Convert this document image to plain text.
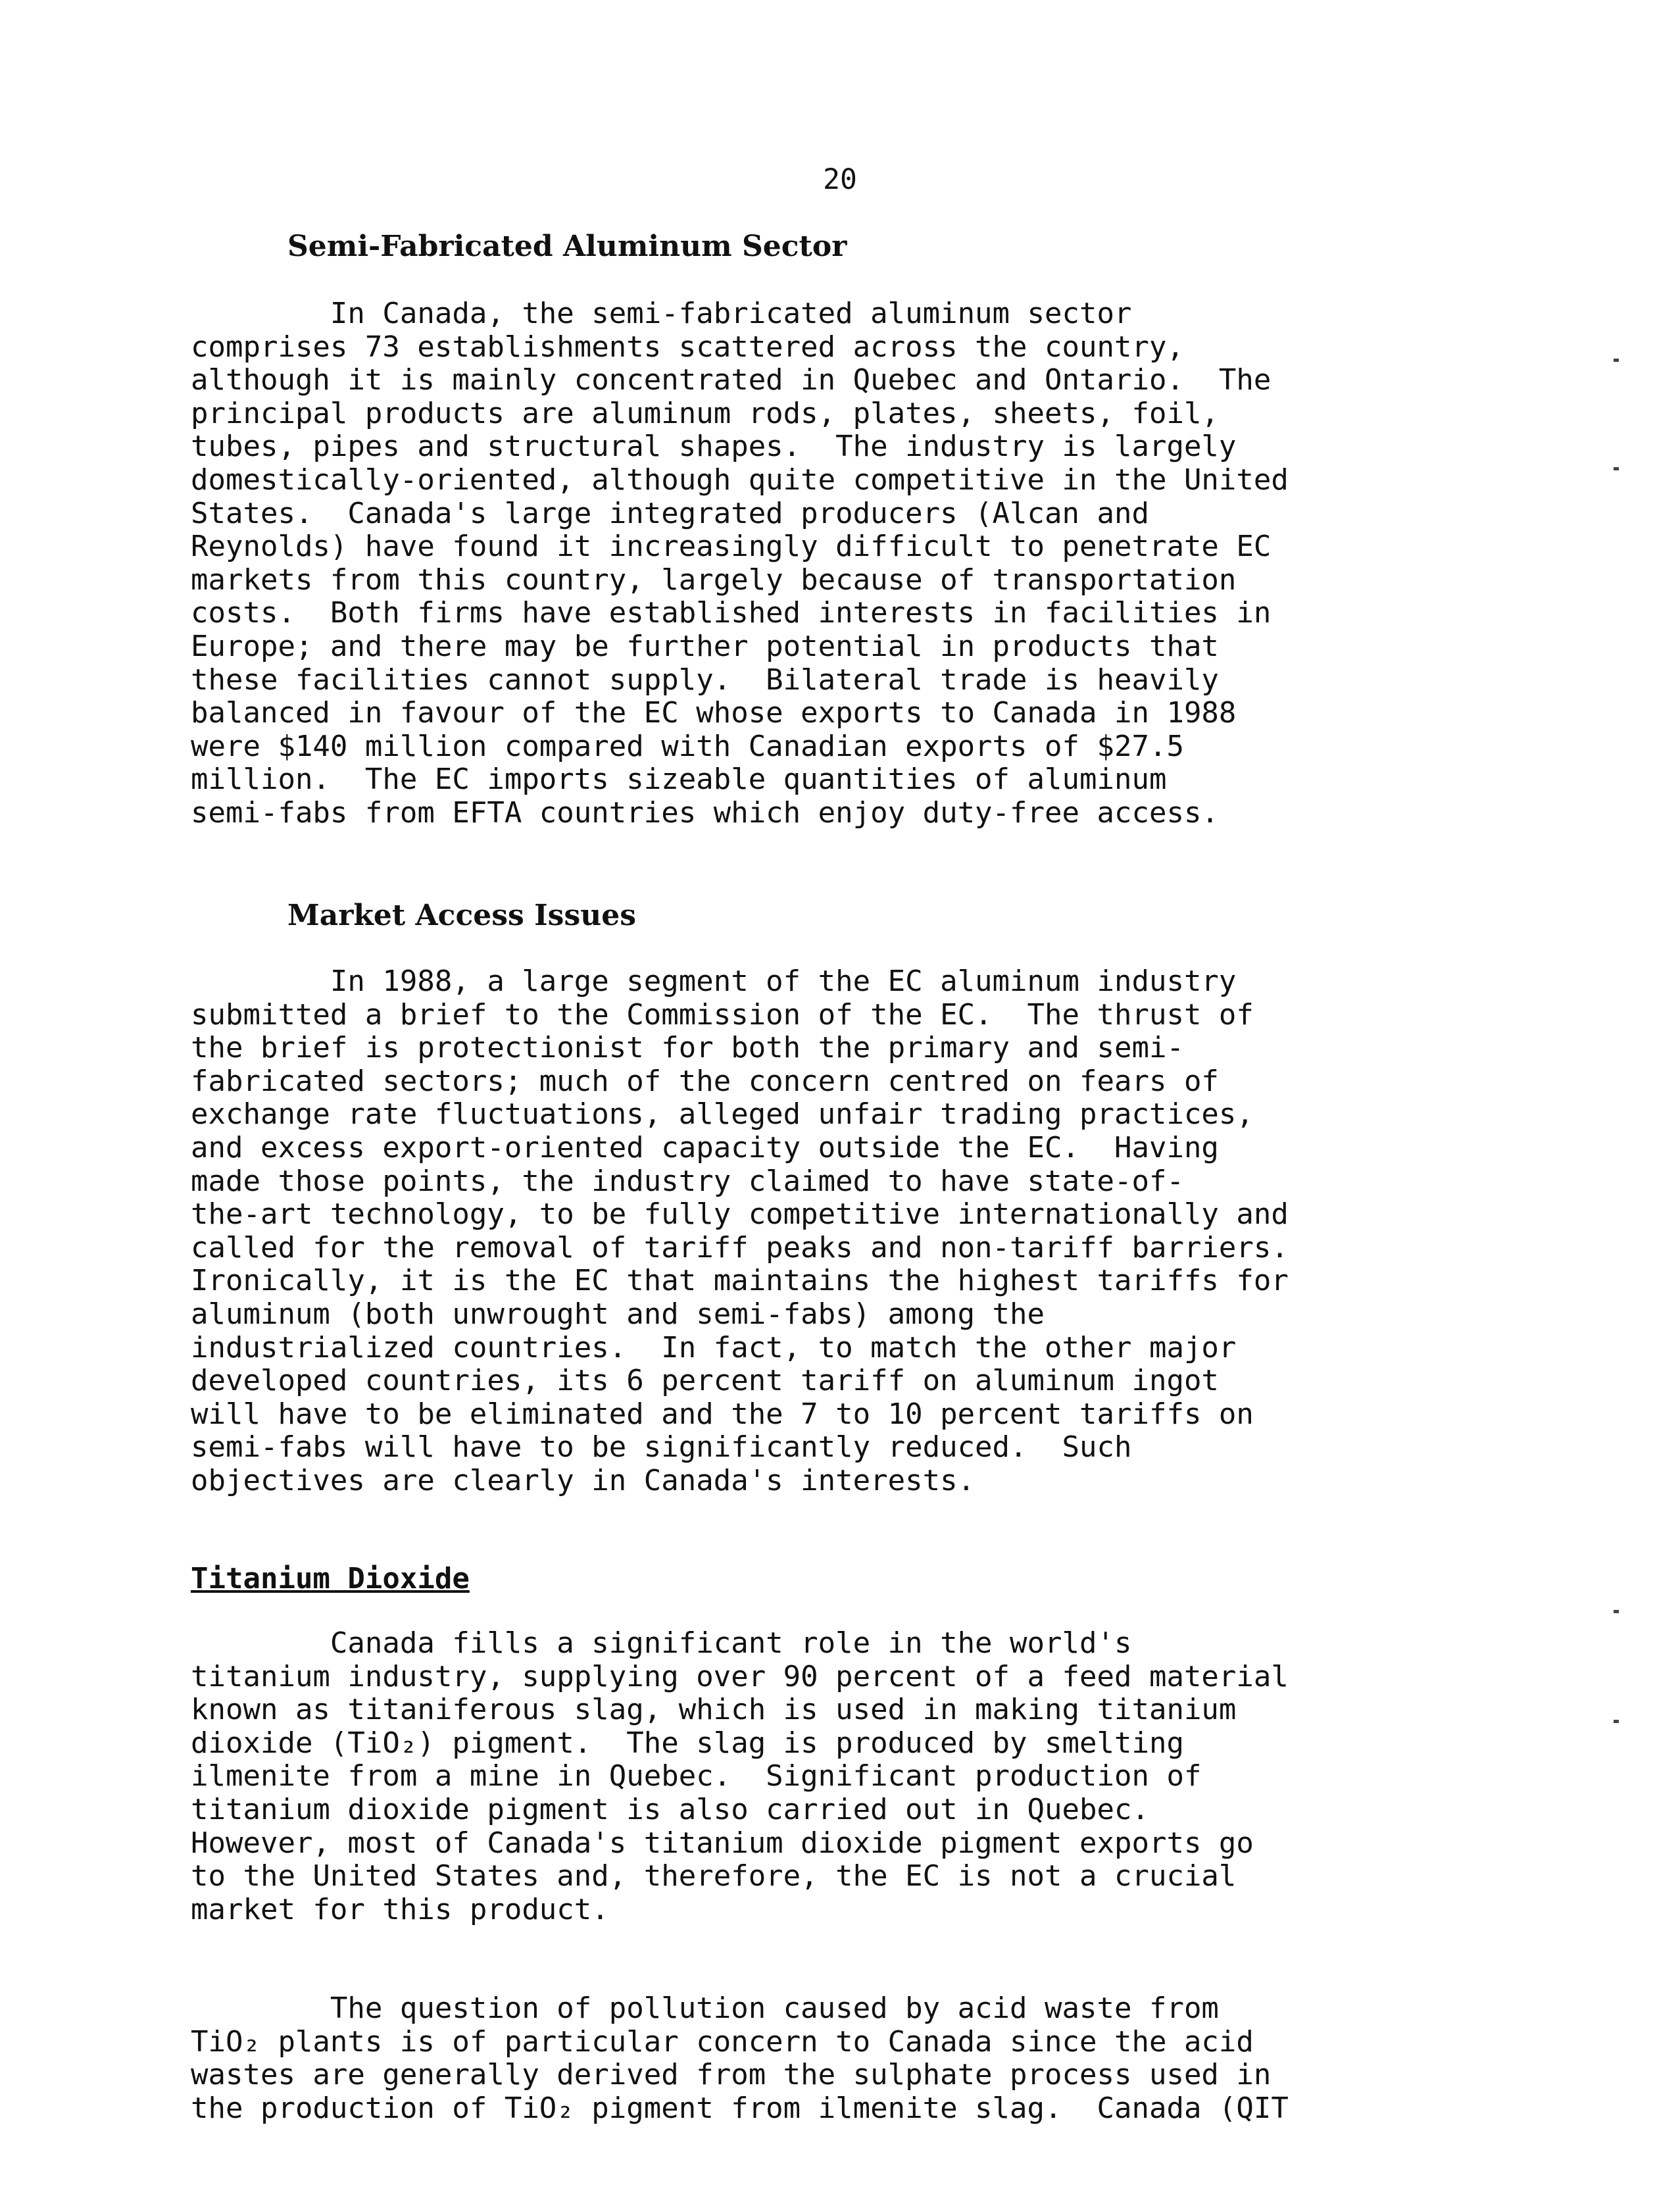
20
Semi-Fabricated Aluminum Sector

In Canada, the semi-fabricated aluminum sector
comprises 73 establishments scattered across the country,
although it is mainly concentrated in Quebec and Ontario.  The
principal products are aluminum rods, plates, sheets, foil,
tubes, pipes and structural shapes.  The industry is largely
domestically-oriented, although quite competitive in the United
States.  Canada's large integrated producers (Alcan and
Reynolds) have found it increasingly difficult to penetrate EC
markets from this country, largely because of transportation
costs.  Both firms have established interests in facilities in
Europe; and there may be further potential in products that
these facilities cannot supply.  Bilateral trade is heavily
balanced in favour of the EC whose exports to Canada in 1988
were $140 million compared with Canadian exports of $27.5
million.  The EC imports sizeable quantities of aluminum
semi-fabs from EFTA countries which enjoy duty-free access.

Market Access Issues

In 1988, a large segment of the EC aluminum industry
submitted a brief to the Commission of the EC.  The thrust of
the brief is protectionist for both the primary and semi-
fabricated sectors; much of the concern centred on fears of
exchange rate fluctuations, alleged unfair trading practices,
and excess export-oriented capacity outside the EC.  Having
made those points, the industry claimed to have state-of-
the-art technology, to be fully competitive internationally and
called for the removal of tariff peaks and non-tariff barriers.
Ironically, it is the EC that maintains the highest tariffs for
aluminum (both unwrought and semi-fabs) among the
industrialized countries.  In fact, to match the other major
developed countries, its 6 percent tariff on aluminum ingot
will have to be eliminated and the 7 to 10 percent tariffs on
semi-fabs will have to be significantly reduced.  Such
objectives are clearly in Canada's interests.

Titanium Dioxide

Canada fills a significant role in the world's
titanium industry, supplying over 90 percent of a feed material
known as titaniferous slag, which is used in making titanium
dioxide (TiO₂) pigment.  The slag is produced by smelting
ilmenite from a mine in Quebec.  Significant production of
titanium dioxide pigment is also carried out in Quebec.
However, most of Canada's titanium dioxide pigment exports go
to the United States and, therefore, the EC is not a crucial
market for this product.

The question of pollution caused by acid waste from
TiO₂ plants is of particular concern to Canada since the acid
wastes are generally derived from the sulphate process used in
the production of TiO₂ pigment from ilmenite slag.  Canada (QIT
